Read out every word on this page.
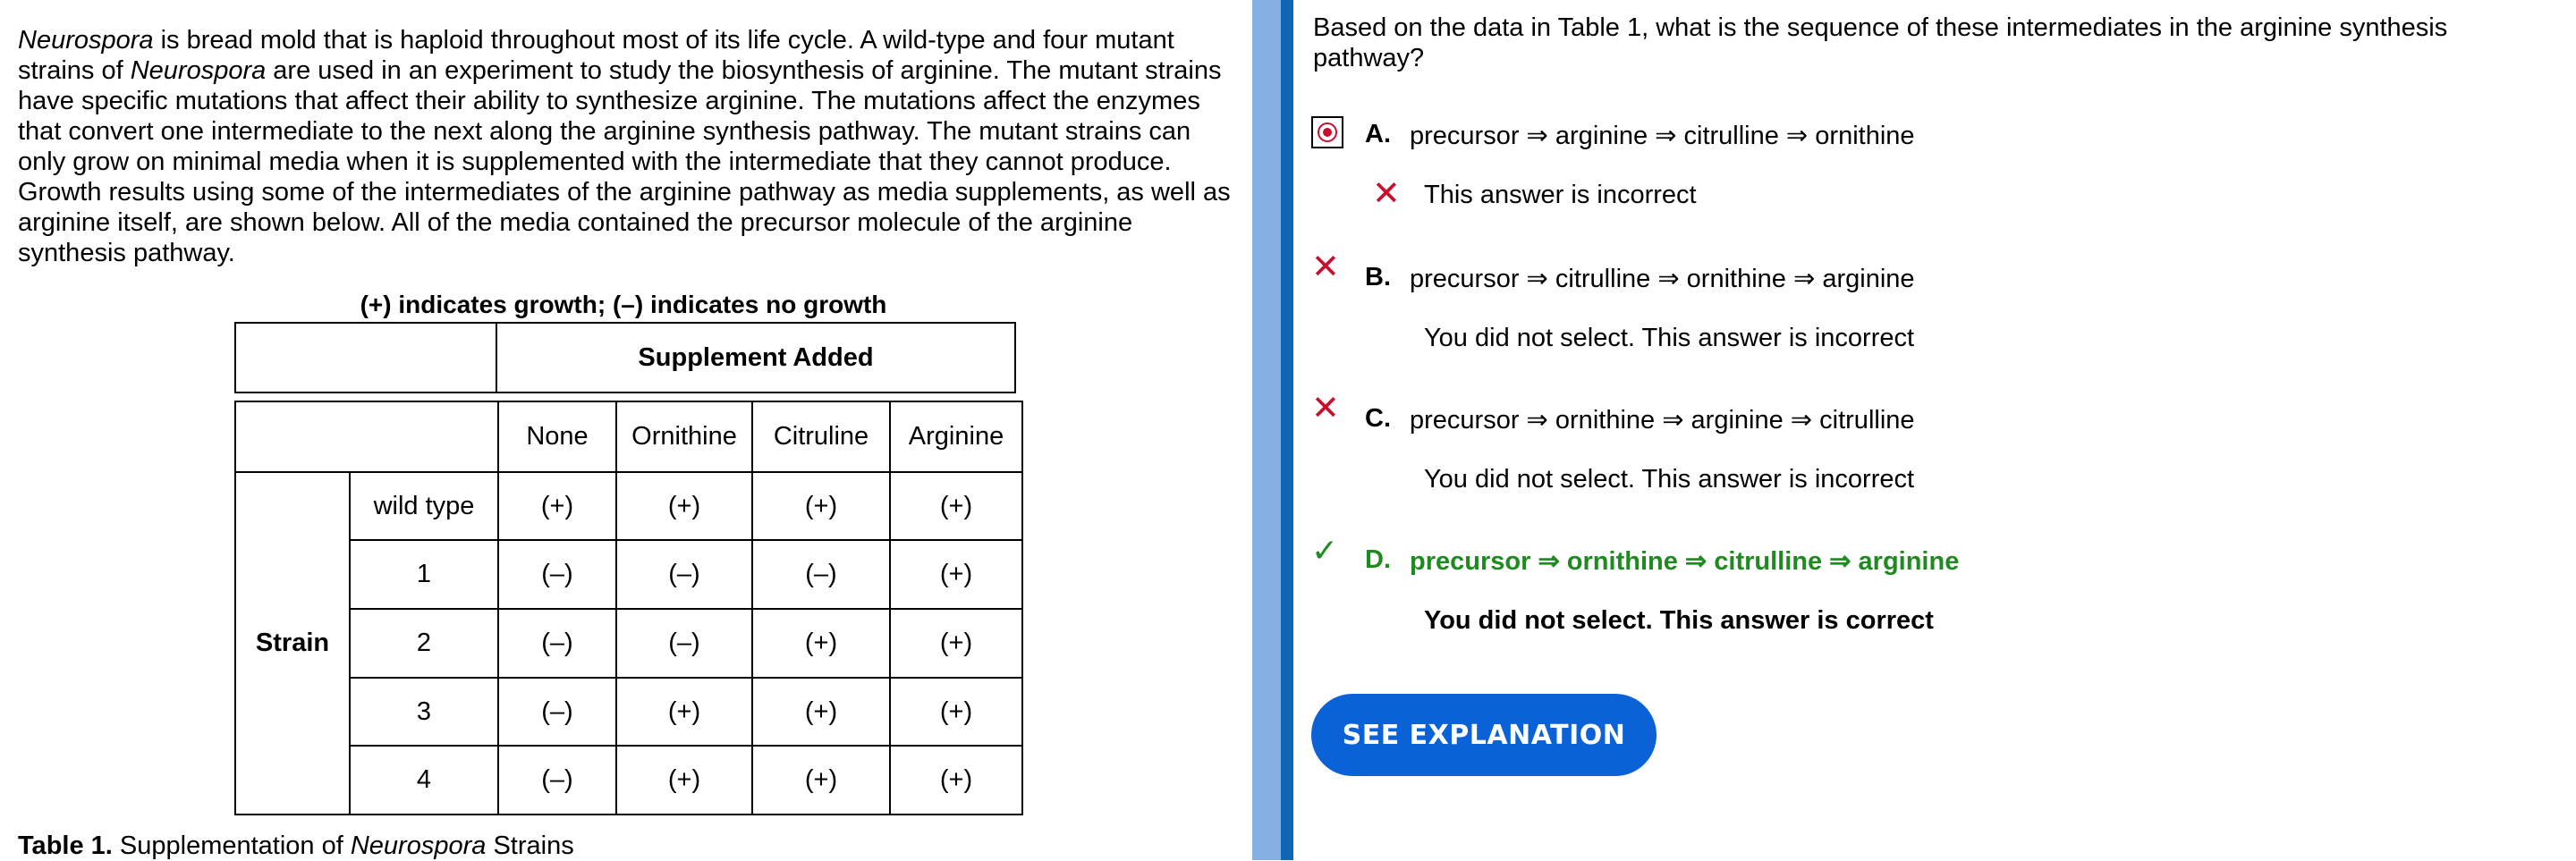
Neurospora is bread mold that is haploid throughout most of its life cycle. A wild-type and four mutant strains of Neurospora are used in an experiment to study the biosynthesis of arginine. The mutant strains have specific mutations that affect their ability to synthesize arginine. The mutations affect the enzymes that convert one intermediate to the next along the arginine synthesis pathway. The mutant strains can only grow on minimal media when it is supplemented with the intermediate that they cannot produce. Growth results using some of the intermediates of the arginine pathway as media supplements, as well as arginine itself, are shown below. All of the media contained the precursor molecule of the arginine synthesis pathway.

(+) indicates growth; (–) indicates no growth
	Supplement Added
		None	Ornithine	Citruline	Arginine
Strain	wild type	(+)	(+)	(+)	(+)
	1	(–)	(–)	(–)	(+)
	2	(–)	(–)	(+)	(+)
	3	(–)	(+)	(+)	(+)
	4	(–)	(+)	(+)	(+)
Table 1. Supplementation of Neurospora Strains
Based on the data in Table 1, what is the sequence of these intermediates in the arginine synthesis pathway?
A. precursor ⇒ arginine ⇒ citrulline ⇒ ornithine
✕ This answer is incorrect
✕ B. precursor ⇒ citrulline ⇒ ornithine ⇒ arginine
You did not select. This answer is incorrect
✕ C. precursor ⇒ ornithine ⇒ arginine ⇒ citrulline
You did not select. This answer is incorrect
✓ D. precursor ⇒ ornithine ⇒ citrulline ⇒ arginine
You did not select. This answer is correct
SEE EXPLANATION
